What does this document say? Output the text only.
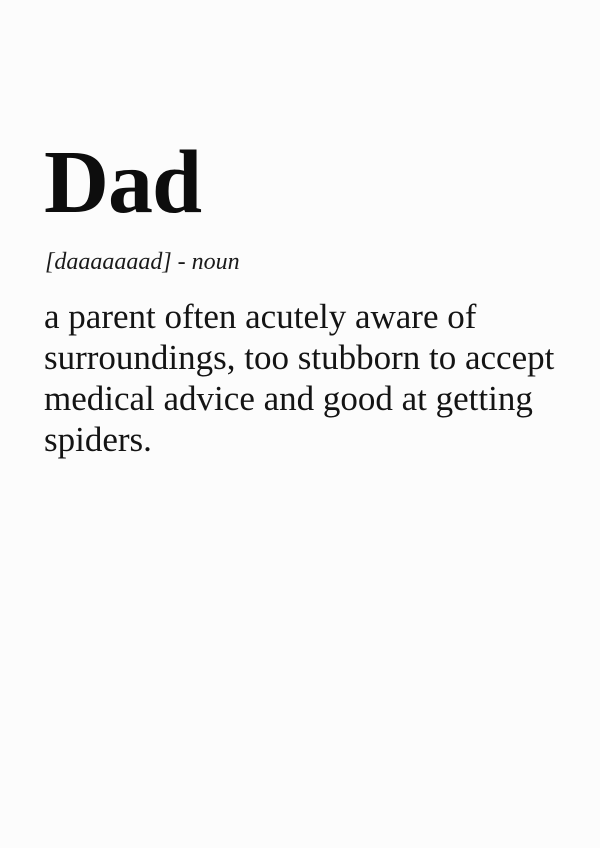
Dad
[daaaaaaad] - noun
a parent often acutely aware of
surroundings, too stubborn to accept
medical advice and good at getting
spiders.
